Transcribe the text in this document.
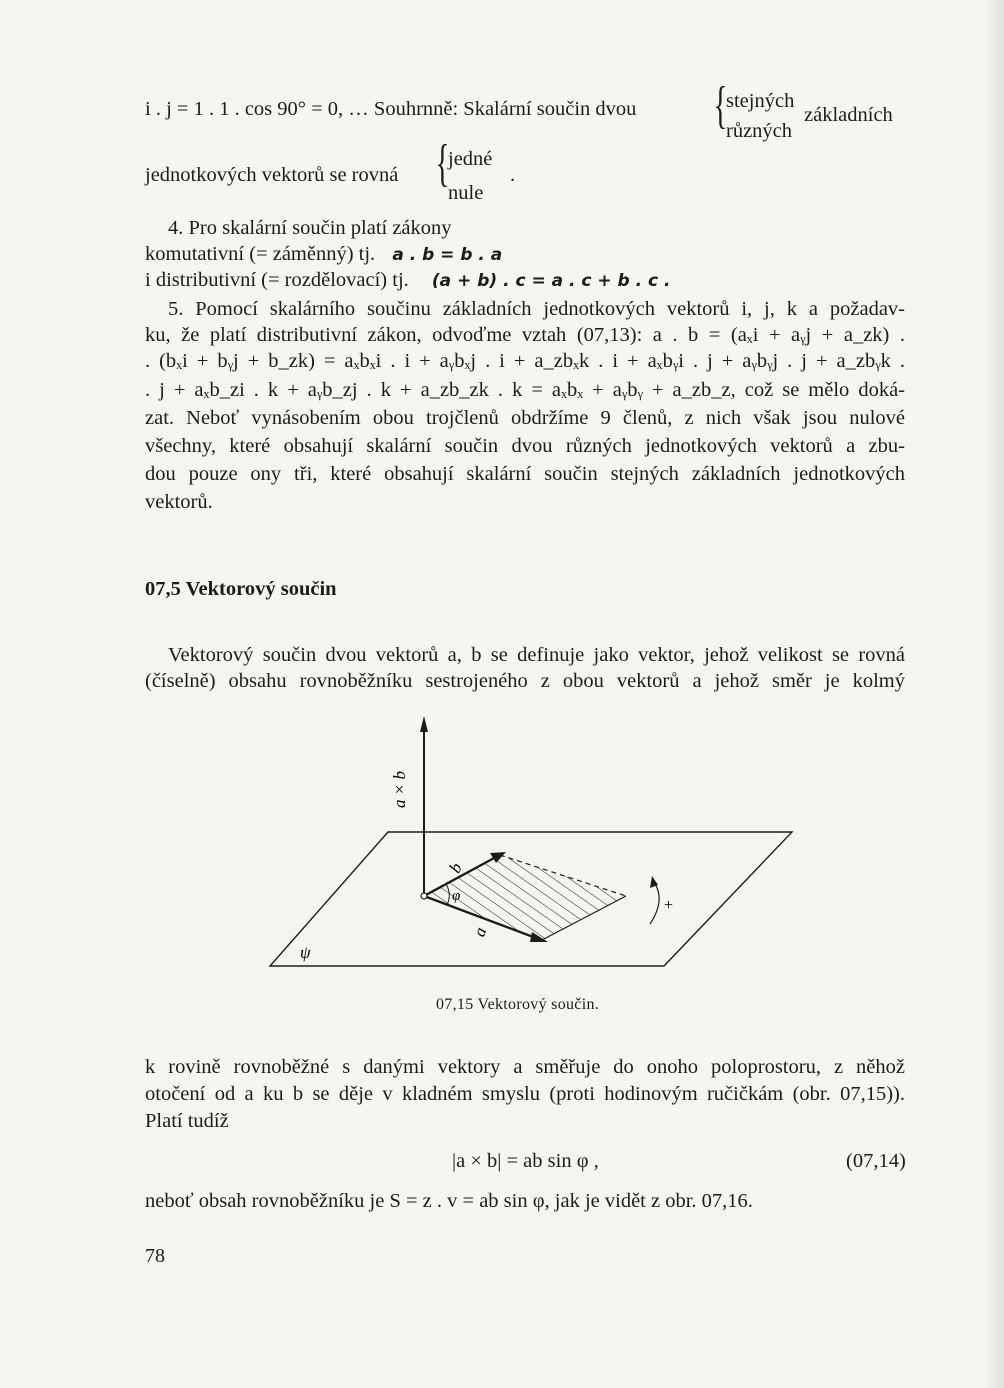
i . j = 1 . 1 . cos 90° = 0, … Souhrnně: Skalární součin dvou {
stejných
různých
základních
jednotkových vektorů se rovná {
jedné
nule
.
4. Pro skalární součin platí zákony
komutativní (= záměnný) tj. a . b = b . a
i distributivní (= rozdělovací) tj. (a + b) . c = a . c + b . c .
5. Pomocí skalárního součinu základních jednotkových vektorů i, j, k a požadav-
ku, že platí distributivní zákon, odvoďme vztah (07,13): a . b = (aₓi + aᵧj + a_zk) .
. (bₓi + bᵧj + b_zk) = aₓbₓi . i + aᵧbₓj . i + a_zbₓk . i + aₓbᵧi . j + aᵧbᵧj . j + a_zbᵧk .
. j + aₓb_zi . k + aᵧb_zj . k + a_zb_zk . k = aₓbₓ + aᵧbᵧ + a_zb_z, což se mělo doká-
zat. Neboť vynásobením obou trojčlenů obdržíme 9 členů, z nich však jsou nulové
všechny, které obsahují skalární součin dvou různých jednotkových vektorů a zbu-
dou pouze ony tři, které obsahují skalární součin stejných základních jednotkových
vektorů.
07,5 Vektorový součin
Vektorový součin dvou vektorů a, b se definuje jako vektor, jehož velikost se rovná
(číselně) obsahu rovnoběžníku sestrojeného z obou vektorů a jehož směr je kolmý
a × b
b
φ
a
ψ
+
07,15 Vektorový součin.
k rovině rovnoběžné s danými vektory a směřuje do onoho poloprostoru, z něhož
otočení od a ku b se děje v kladném smyslu (proti hodinovým ručičkám (obr. 07,15)).
Platí tudíž
|a × b| = ab sin φ ,	(07,14)
neboť obsah rovnoběžníku je S = z . v = ab sin φ, jak je vidět z obr. 07,16.
78
